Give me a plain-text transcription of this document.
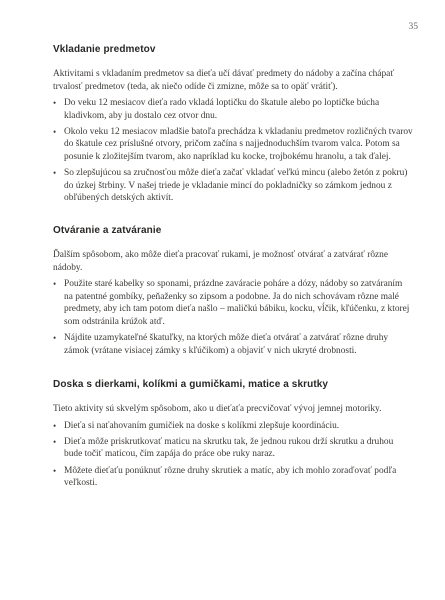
35
Vkladanie predmetov

Aktivitami s vkladaním predmetov sa dieťa učí dávať predmety do nádoby a začína chápať trvalosť predmetov (teda, ak niečo odíde či zmizne, môže sa to opäť vrátiť).

• Do veku 12 mesiacov dieťa rado vkladá loptičku do škatule alebo po loptičke búcha kladivkom, aby ju dostalo cez otvor dnu.
• Okolo veku 12 mesiacov mladšie batoľa prechádza k vkladaniu predmetov rozličných tvarov do škatule cez príslušné otvory, pričom začína s najjednoduchším tvarom valca. Potom sa posunie k zložitejším tvarom, ako napríklad ku kocke, trojbokému hranolu, a tak ďalej.
• So zlepšujúcou sa zručnosťou môže dieťa začať vkladať veľkú mincu (alebo žetón z pokru) do úzkej štrbiny. V našej triede je vkladanie mincí do pokladničky so zámkom jednou z obľúbených detských aktivít.
Otváranie a zatváranie

Ďalším spôsobom, ako môže dieťa pracovať rukami, je možnosť otvárať a zatvárať rôzne nádoby.

• Použite staré kabelky so sponami, prázdne zaváracie poháre a dózy, nádoby so zatváraním na patentné gombíky, peňaženky so zipsom a podobne. Ja do nich schovávam rôzne malé predmety, aby ich tam potom dieťa našlo – maličkú bábiku, kocku, vĺčik, kľúčenku, z ktorej som odstránila krúžok atď.
• Nájdite uzamykateľné škatuľky, na ktorých môže dieťa otvárať a zatvárať rôzne druhy zámok (vrátane visiacej zámky s kľúčikom) a objaviť v nich ukryté drobnosti.
Doska s dierkami, kolíkmi a gumičkami, matice a skrutky

Tieto aktivity sú skvelým spôsobom, ako u dieťaťa precvičovať vývoj jemnej motoriky.

• Dieťa si naťahovaním gumičiek na doske s kolíkmi zlepšuje koordináciu.
• Dieťa môže priskrutkovať maticu na skrutku tak, že jednou rukou drží skrutku a druhou bude točiť maticou, čím zapája do práce obe ruky naraz.
• Môžete dieťaťu ponúknuť rôzne druhy skrutiek a matíc, aby ich mohlo zoraďovať podľa veľkosti.
